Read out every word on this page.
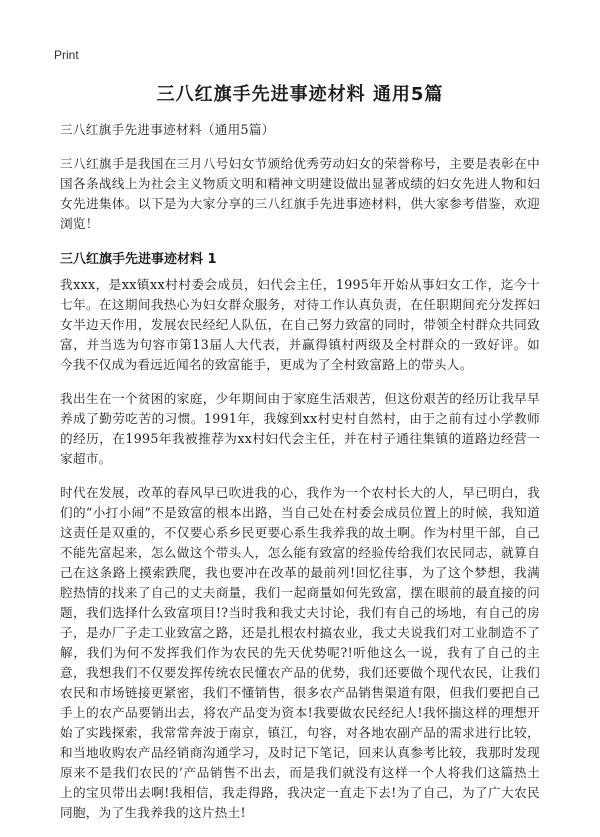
Print
三八红旗手先进事迹材料 通用5篇

三八红旗手先进事迹材料（通用5篇）

三八红旗手是我国在三月八号妇女节颁给优秀劳动妇女的荣誉称号，主要是表彰在中国各条战线上为社会主义物质文明和精神文明建设做出显著成绩的妇女先进人物和妇女先进集体。以下是为大家分享的三八红旗手先进事迹材料，供大家参考借鉴，欢迎浏览！

三八红旗手先进事迹材料 1

我xxx，是xx镇xx村村委会成员，妇代会主任，1995年开始从事妇女工作，迄今十七年。在这期间我热心为妇女群众服务，对待工作认真负责，在任职期间充分发挥妇女半边天作用，发展农民经纪人队伍，在自己努力致富的同时，带领全村群众共同致富，并当选为句容市第13届人大代表，并赢得镇村两级及全村群众的一致好评。如今我不仅成为看远近闻名的致富能手，更成为了全村致富路上的带头人。

我出生在一个贫困的家庭，少年期间由于家庭生活艰苦，但这份艰苦的经历让我早早养成了勤劳吃苦的习惯。1991年，我嫁到xx村史村自然村，由于之前有过小学教师的经历，在1995年我被推荐为xx村妇代会主任，并在村子通往集镇的道路边经营一家超市。

时代在发展，改革的春风早已吹进我的心，我作为一个农村长大的人，早已明白，我们的“小打小闹”不是致富的根本出路，当自己处在村委会成员位置上的时候，我知道这责任是双重的，不仅要心系乡民更要心系生我养我的故土啊。作为村里干部，自己不能先富起来，怎么做这个带头人，怎么能有致富的经验传给我们农民同志，就算自己在这条路上摸索跌爬，我也要冲在改革的最前列!回忆往事，为了这个梦想，我满腔热情的找来了自己的丈夫商量，我们一起商量如何先致富，摆在眼前的最直接的问题，我们选择什么致富项目!?当时我和我丈夫讨论，我们有自己的场地，有自己的房子，是办厂子走工业致富之路，还是扎根农村搞农业，我丈夫说我们对工业制造不了解，我们为何不发挥我们作为农民的先天优势呢?!听他这么一说，我有了自己的主意，我想我们不仅要发挥传统农民懂农产品的优势，我们还要做个现代农民，让我们农民和市场链接更紧密，我们不懂销售，很多农产品销售渠道有限，但我们要把自己手上的农产品要销出去，将农产品变为资本!我要做农民经纪人!我怀揣这样的理想开始了实践探索，我常常奔波于南京，镇江，句容，对各地农副产品的需求进行比较，和当地收购农产品经销商沟通学习，及时记下笔记，回来认真参考比较，我那时发现原来不是我们农民的’产品销售不出去，而是我们就没有这样一个人将我们这篇热土上的宝贝带出去啊!我相信，我走得路，我决定一直走下去!为了自己，为了广大农民同胞，为了生我养我的这片热土!
